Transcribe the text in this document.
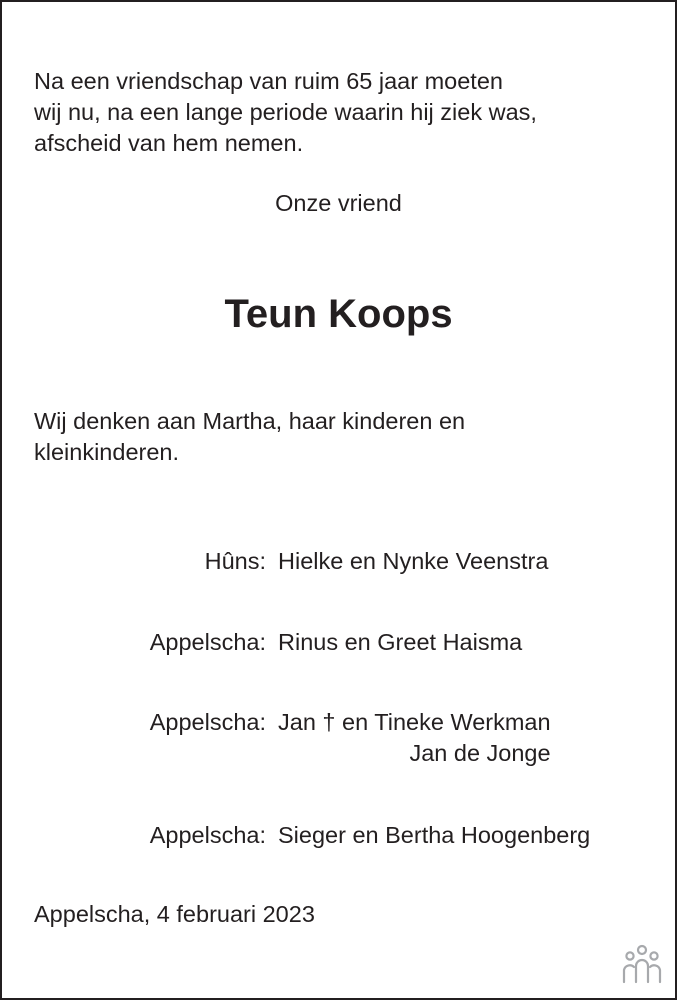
Na een vriendschap van ruim 65 jaar moeten
wij nu, na een lange periode waarin hij ziek was,
afscheid van hem nemen.
Onze vriend
Teun Koops
Wij denken aan Martha, haar kinderen en
kleinkinderen.
Hûns: Hielke en Nynke Veenstra
Appelscha: Rinus en Greet Haisma
Appelscha: Jan † en Tineke Werkman
Jan de Jonge
Appelscha: Sieger en Bertha Hoogenberg
Appelscha, 4 februari 2023
